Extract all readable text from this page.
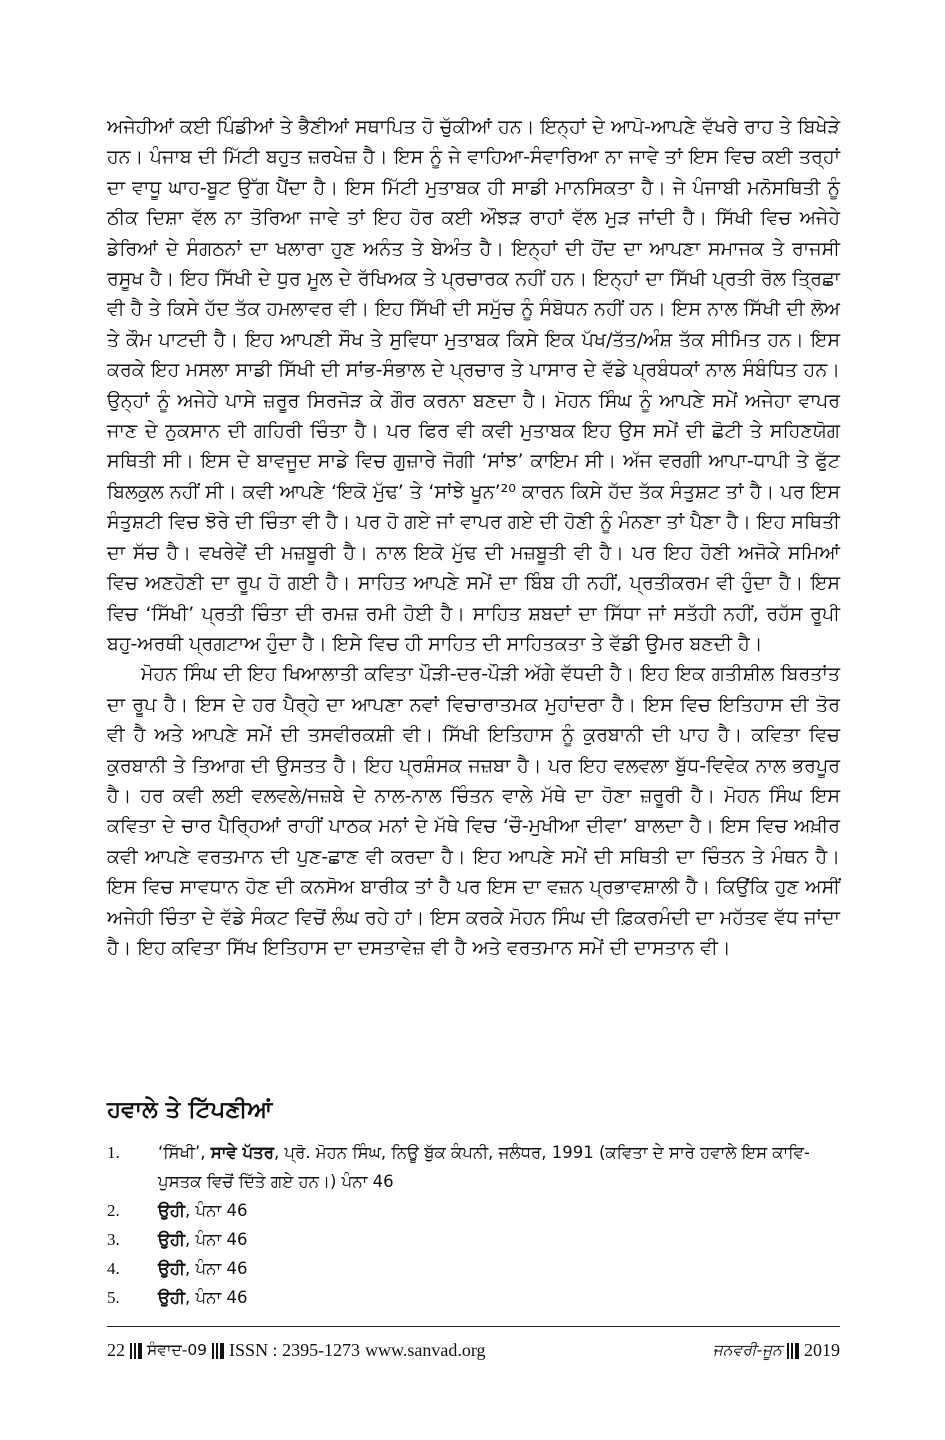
ਅਜੇਹੀਆਂ ਕਈ ਪਿੰਡੀਆਂ ਤੇ ਭੈਣੀਆਂ ਸਥਾਪਿਤ ਹੋ ਚੁੱਕੀਆਂ ਹਨ। ਇਨ੍ਹਾਂ ਦੇ ਆਪੋ-ਆਪਣੇ ਵੱਖਰੇ ਰਾਹ ਤੇ ਬਿਖੇੜੇ ਹਨ। ਪੰਜਾਬ ਦੀ ਮਿੱਟੀ ਬਹੁਤ ਜ਼ਰਖੇਜ਼ ਹੈ। ਇਸ ਨੂੰ ਜੇ ਵਾਹਿਆ-ਸੰਵਾਰਿਆ ਨਾ ਜਾਵੇ ਤਾਂ ਇਸ ਵਿਚ ਕਈ ਤਰ੍ਹਾਂ ਦਾ ਵਾਧੂ ਘਾਹ-ਬੂਟ ਉੱਗ ਪੈਂਦਾ ਹੈ। ਇਸ ਮਿੱਟੀ ਮੁਤਾਬਕ ਹੀ ਸਾਡੀ ਮਾਨਸਿਕਤਾ ਹੈ। ਜੇ ਪੰਜਾਬੀ ਮਨੋਸਥਿਤੀ ਨੂੰ ਠੀਕ ਦਿਸ਼ਾ ਵੱਲ ਨਾ ਤੋਰਿਆ ਜਾਵੇ ਤਾਂ ਇਹ ਹੋਰ ਕਈ ਔਝੜ ਰਾਹਾਂ ਵੱਲ ਮੁੜ ਜਾਂਦੀ ਹੈ। ਸਿੱਖੀ ਵਿਚ ਅਜੇਹੇ ਡੇਰਿਆਂ ਦੇ ਸੰਗਠਨਾਂ ਦਾ ਖਲਾਰਾ ਹੁਣ ਅਨੰਤ ਤੇ ਬੇਅੰਤ ਹੈ। ਇਨ੍ਹਾਂ ਦੀ ਹੋਂਦ ਦਾ ਆਪਣਾ ਸਮਾਜਕ ਤੇ ਰਾਜਸੀ ਰਸੂਖ ਹੈ। ਇਹ ਸਿੱਖੀ ਦੇ ਧੁਰ ਮੂਲ ਦੇ ਰੱਖਿਅਕ ਤੇ ਪ੍ਰਚਾਰਕ ਨਹੀਂ ਹਨ। ਇਨ੍ਹਾਂ ਦਾ ਸਿੱਖੀ ਪ੍ਰਤੀ ਰੋਲ ਤ੍ਰਿਛਾ ਵੀ ਹੈ ਤੇ ਕਿਸੇ ਹੱਦ ਤੱਕ ਹਮਲਾਵਰ ਵੀ। ਇਹ ਸਿੱਖੀ ਦੀ ਸਮੁੱਚ ਨੂੰ ਸੰਬੋਧਨ ਨਹੀਂ ਹਨ। ਇਸ ਨਾਲ ਸਿੱਖੀ ਦੀ ਲੋਅ ਤੇ ਕੌਮ ਪਾਟਦੀ ਹੈ। ਇਹ ਆਪਣੀ ਸੌਖ ਤੇ ਸੁਵਿਧਾ ਮੁਤਾਬਕ ਕਿਸੇ ਇਕ ਪੱਖ/ਤੱਤ/ਅੰਸ਼ ਤੱਕ ਸੀਮਿਤ ਹਨ। ਇਸ ਕਰਕੇ ਇਹ ਮਸਲਾ ਸਾਡੀ ਸਿੱਖੀ ਦੀ ਸਾਂਭ-ਸੰਭਾਲ ਦੇ ਪ੍ਰਚਾਰ ਤੇ ਪਾਸਾਰ ਦੇ ਵੱਡੇ ਪ੍ਰਬੰਧਕਾਂ ਨਾਲ ਸੰਬੰਧਿਤ ਹਨ। ਉਨ੍ਹਾਂ ਨੂੰ ਅਜੇਹੇ ਪਾਸੇ ਜ਼ਰੂਰ ਸਿਰਜੋੜ ਕੇ ਗੌਰ ਕਰਨਾ ਬਣਦਾ ਹੈ। ਮੋਹਨ ਸਿੰਘ ਨੂੰ ਆਪਣੇ ਸਮੇਂ ਅਜੇਹਾ ਵਾਪਰ ਜਾਣ ਦੇ ਨੁਕਸਾਨ ਦੀ ਗਹਿਰੀ ਚਿੰਤਾ ਹੈ। ਪਰ ਫਿਰ ਵੀ ਕਵੀ ਮੁਤਾਬਕ ਇਹ ਉਸ ਸਮੇਂ ਦੀ ਛੋਟੀ ਤੇ ਸਹਿਣਯੋਗ ਸਥਿਤੀ ਸੀ। ਇਸ ਦੇ ਬਾਵਜੂਦ ਸਾਡੇ ਵਿਚ ਗੁਜ਼ਾਰੇ ਜੋਗੀ ‘ਸਾਂਝ’ ਕਾਇਮ ਸੀ। ਅੱਜ ਵਰਗੀ ਆਪਾ-ਧਾਪੀ ਤੇ ਫੁੱਟ ਬਿਲਕੁਲ ਨਹੀਂ ਸੀ। ਕਵੀ ਆਪਣੇ ‘ਇਕੋ ਮੁੱਢ’ ਤੇ ‘ਸਾਂਝੇ ਖੂਨ’²⁰ ਕਾਰਨ ਕਿਸੇ ਹੱਦ ਤੱਕ ਸੰਤੁਸ਼ਟ ਤਾਂ ਹੈ। ਪਰ ਇਸ ਸੰਤੁਸ਼ਟੀ ਵਿਚ ਝੋਰੇ ਦੀ ਚਿੰਤਾ ਵੀ ਹੈ। ਪਰ ਹੋ ਗਏ ਜਾਂ ਵਾਪਰ ਗਏ ਦੀ ਹੋਣੀ ਨੂੰ ਮੰਨਣਾ ਤਾਂ ਪੈਣਾ ਹੈ। ਇਹ ਸਥਿਤੀ ਦਾ ਸੱਚ ਹੈ। ਵਖਰੇਵੇਂ ਦੀ ਮਜ਼ਬੂਰੀ ਹੈ। ਨਾਲ ਇਕੋ ਮੁੱਢ ਦੀ ਮਜ਼ਬੂਤੀ ਵੀ ਹੈ। ਪਰ ਇਹ ਹੋਣੀ ਅਜੋਕੇ ਸਮਿਆਂ ਵਿਚ ਅਣਹੋਣੀ ਦਾ ਰੂਪ ਹੋ ਗਈ ਹੈ। ਸਾਹਿਤ ਆਪਣੇ ਸਮੇਂ ਦਾ ਬਿੰਬ ਹੀ ਨਹੀਂ, ਪ੍ਰਤੀਕਰਮ ਵੀ ਹੁੰਦਾ ਹੈ। ਇਸ ਵਿਚ ‘ਸਿੱਖੀ’ ਪ੍ਰਤੀ ਚਿੰਤਾ ਦੀ ਰਮਜ਼ ਰਮੀ ਹੋਈ ਹੈ। ਸਾਹਿਤ ਸ਼ਬਦਾਂ ਦਾ ਸਿੱਧਾ ਜਾਂ ਸਤੱਹੀ ਨਹੀਂ, ਰਹੱਸ ਰੂਪੀ ਬਹੁ-ਅਰਥੀ ਪ੍ਰਗਟਾਅ ਹੁੰਦਾ ਹੈ। ਇਸੇ ਵਿਚ ਹੀ ਸਾਹਿਤ ਦੀ ਸਾਹਿਤਕਤਾ ਤੇ ਵੱਡੀ ਉਮਰ ਬਣਦੀ ਹੈ।

ਮੋਹਨ ਸਿੰਘ ਦੀ ਇਹ ਖਿਆਲਾਤੀ ਕਵਿਤਾ ਪੌੜੀ-ਦਰ-ਪੌੜੀ ਅੱਗੇ ਵੱਧਦੀ ਹੈ। ਇਹ ਇਕ ਗਤੀਸ਼ੀਲ ਬਿਰਤਾਂਤ ਦਾ ਰੂਪ ਹੈ। ਇਸ ਦੇ ਹਰ ਪੈਰ੍ਹੇ ਦਾ ਆਪਣਾ ਨਵਾਂ ਵਿਚਾਰਾਤਮਕ ਮੁਹਾਂਦਰਾ ਹੈ। ਇਸ ਵਿਚ ਇਤਿਹਾਸ ਦੀ ਤੋਰ ਵੀ ਹੈ ਅਤੇ ਆਪਣੇ ਸਮੇਂ ਦੀ ਤਸਵੀਰਕਸ਼ੀ ਵੀ। ਸਿੱਖੀ ਇਤਿਹਾਸ ਨੂੰ ਕੁਰਬਾਨੀ ਦੀ ਪਾਹ ਹੈ। ਕਵਿਤਾ ਵਿਚ ਕੁਰਬਾਨੀ ਤੇ ਤਿਆਗ ਦੀ ਉਸਤਤ ਹੈ। ਇਹ ਪ੍ਰਸ਼ੰਸਕ ਜਜ਼ਬਾ ਹੈ। ਪਰ ਇਹ ਵਲਵਲਾ ਬੁੱਧ-ਵਿਵੇਕ ਨਾਲ ਭਰਪੂਰ ਹੈ। ਹਰ ਕਵੀ ਲਈ ਵਲਵਲੇ/ਜਜ਼ਬੇ ਦੇ ਨਾਲ-ਨਾਲ ਚਿੰਤਨ ਵਾਲੇ ਮੱਥੇ ਦਾ ਹੋਣਾ ਜ਼ਰੂਰੀ ਹੈ। ਮੋਹਨ ਸਿੰਘ ਇਸ ਕਵਿਤਾ ਦੇ ਚਾਰ ਪੈਰ੍ਹਿਆਂ ਰਾਹੀਂ ਪਾਠਕ ਮਨਾਂ ਦੇ ਮੱਥੇ ਵਿਚ ‘ਚੌ-ਮੁਖੀਆ ਦੀਵਾ’ ਬਾਲਦਾ ਹੈ। ਇਸ ਵਿਚ ਅਖ਼ੀਰ ਕਵੀ ਆਪਣੇ ਵਰਤਮਾਨ ਦੀ ਪੁਣ-ਛਾਣ ਵੀ ਕਰਦਾ ਹੈ। ਇਹ ਆਪਣੇ ਸਮੇਂ ਦੀ ਸਥਿਤੀ ਦਾ ਚਿੰਤਨ ਤੇ ਮੰਥਨ ਹੈ। ਇਸ ਵਿਚ ਸਾਵਧਾਨ ਹੋਣ ਦੀ ਕਨਸੋਅ ਬਾਰੀਕ ਤਾਂ ਹੈ ਪਰ ਇਸ ਦਾ ਵਜ਼ਨ ਪ੍ਰਭਾਵਸ਼ਾਲੀ ਹੈ। ਕਿਉਂਕਿ ਹੁਣ ਅਸੀਂ ਅਜੇਹੀ ਚਿੰਤਾ ਦੇ ਵੱਡੇ ਸੰਕਟ ਵਿਚੋਂ ਲੰਘ ਰਹੇ ਹਾਂ। ਇਸ ਕਰਕੇ ਮੋਹਨ ਸਿੰਘ ਦੀ ਫ਼ਿਕਰਮੰਦੀ ਦਾ ਮਹੱਤਵ ਵੱਧ ਜਾਂਦਾ ਹੈ। ਇਹ ਕਵਿਤਾ ਸਿੱਖ ਇਤਿਹਾਸ ਦਾ ਦਸਤਾਵੇਜ਼ ਵੀ ਹੈ ਅਤੇ ਵਰਤਮਾਨ ਸਮੇਂ ਦੀ ਦਾਸਤਾਨ ਵੀ।

ਹਵਾਲੇ ਤੇ ਟਿੱਪਣੀਆਂ
1.	‘ਸਿੱਖੀ’, ਸਾਵੇ ਪੱਤਰ, ਪ੍ਰੋ. ਮੋਹਨ ਸਿੰਘ, ਨਿਊ ਬੁੱਕ ਕੰਪਨੀ, ਜਲੰਧਰ, 1991 (ਕਵਿਤਾ ਦੇ ਸਾਰੇ ਹਵਾਲੇ ਇਸ ਕਾਵਿ-ਪੁਸਤਕ ਵਿਚੋਂ ਦਿੱਤੇ ਗਏ ਹਨ।) ਪੰਨਾ 46
2.	ਉਹੀ, ਪੰਨਾ 46
3.	ਉਹੀ, ਪੰਨਾ 46
4.	ਉਹੀ, ਪੰਨਾ 46
5.	ਉਹੀ, ਪੰਨਾ 46
22 ਸੰਵਾਦ-09 ISSN : 2395-1273 www.sanvad.org	ਜਨਵਰੀ-ਜੂਨ 2019
